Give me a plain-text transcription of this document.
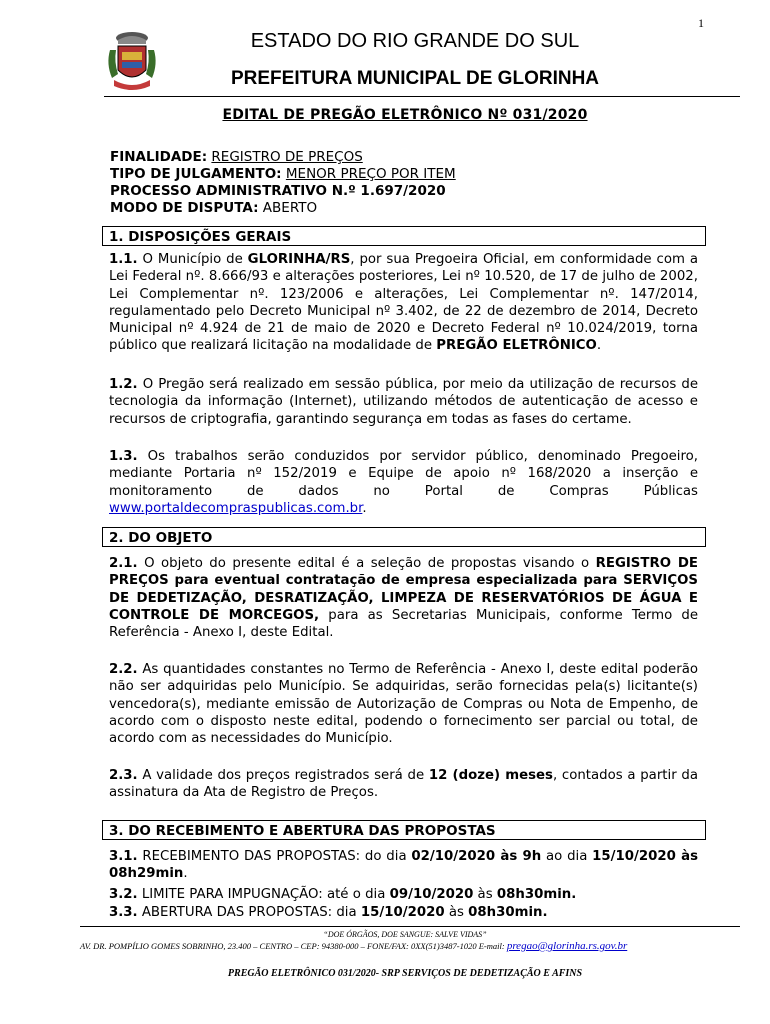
1
ESTADO DO RIO GRANDE DO SUL
PREFEITURA MUNICIPAL DE GLORINHA
EDITAL DE PREGÃO ELETRÔNICO Nº 031/2020
FINALIDADE: REGISTRO DE PREÇOS
TIPO DE JULGAMENTO: MENOR PREÇO POR ITEM
PROCESSO ADMINISTRATIVO N.º 1.697/2020
MODO DE DISPUTA: ABERTO
1. DISPOSIÇÕES GERAIS

1.1. O Município de GLORINHA/RS, por sua Pregoeira Oficial, em conformidade com a Lei Federal nº. 8.666/93 e alterações posteriores, Lei nº 10.520, de 17 de julho de 2002, Lei Complementar nº. 123/2006 e alterações, Lei Complementar nº. 147/2014, regulamentado pelo Decreto Municipal nº 3.402, de 22 de dezembro de 2014, Decreto Municipal nº 4.924 de 21 de maio de 2020 e Decreto Federal nº 10.024/2019, torna público que realizará licitação na modalidade de PREGÃO ELETRÔNICO.

1.2. O Pregão será realizado em sessão pública, por meio da utilização de recursos de tecnologia da informação (Internet), utilizando métodos de autenticação de acesso e recursos de criptografia, garantindo segurança em todas as fases do certame.

1.3. Os trabalhos serão conduzidos por servidor público, denominado Pregoeiro, mediante Portaria nº 152/2019 e Equipe de apoio nº 168/2020 a inserção e monitoramento de dados no Portal de Compras Públicas www.portaldecompraspublicas.com.br.

2. DO OBJETO

2.1. O objeto do presente edital é a seleção de propostas visando o REGISTRO DE PREÇOS para eventual contratação de empresa especializada para SERVIÇOS DE DEDETIZAÇÃO, DESRATIZAÇÃO, LIMPEZA DE RESERVATÓRIOS DE ÁGUA E CONTROLE DE MORCEGOS, para as Secretarias Municipais, conforme Termo de Referência - Anexo I, deste Edital.

2.2. As quantidades constantes no Termo de Referência - Anexo I, deste edital poderão não ser adquiridas pelo Município. Se adquiridas, serão fornecidas pela(s) licitante(s) vencedora(s), mediante emissão de Autorização de Compras ou Nota de Empenho, de acordo com o disposto neste edital, podendo o fornecimento ser parcial ou total, de acordo com as necessidades do Município.

2.3. A validade dos preços registrados será de 12 (doze) meses, contados a partir da assinatura da Ata de Registro de Preços.

3. DO RECEBIMENTO E ABERTURA DAS PROPOSTAS

3.1. RECEBIMENTO DAS PROPOSTAS: do dia 02/10/2020 às 9h ao dia 15/10/2020 às 08h29min.

3.2. LIMITE PARA IMPUGNAÇÃO: até o dia 09/10/2020 às 08h30min.

3.3. ABERTURA DAS PROPOSTAS: dia 15/10/2020 às 08h30min.

“DOE ÓRGÃOS, DOE SANGUE: SALVE VIDAS”
AV. DR. POMPÍLIO GOMES SOBRINHO, 23.400 – CENTRO – CEP: 94380-000 – FONE/FAX: 0XX(51)3487-1020 E-mail: pregao@glorinha.rs.gov.br
PREGÃO ELETRÔNICO 031/2020- SRP SERVIÇOS DE DEDETIZAÇÃO E AFINS
